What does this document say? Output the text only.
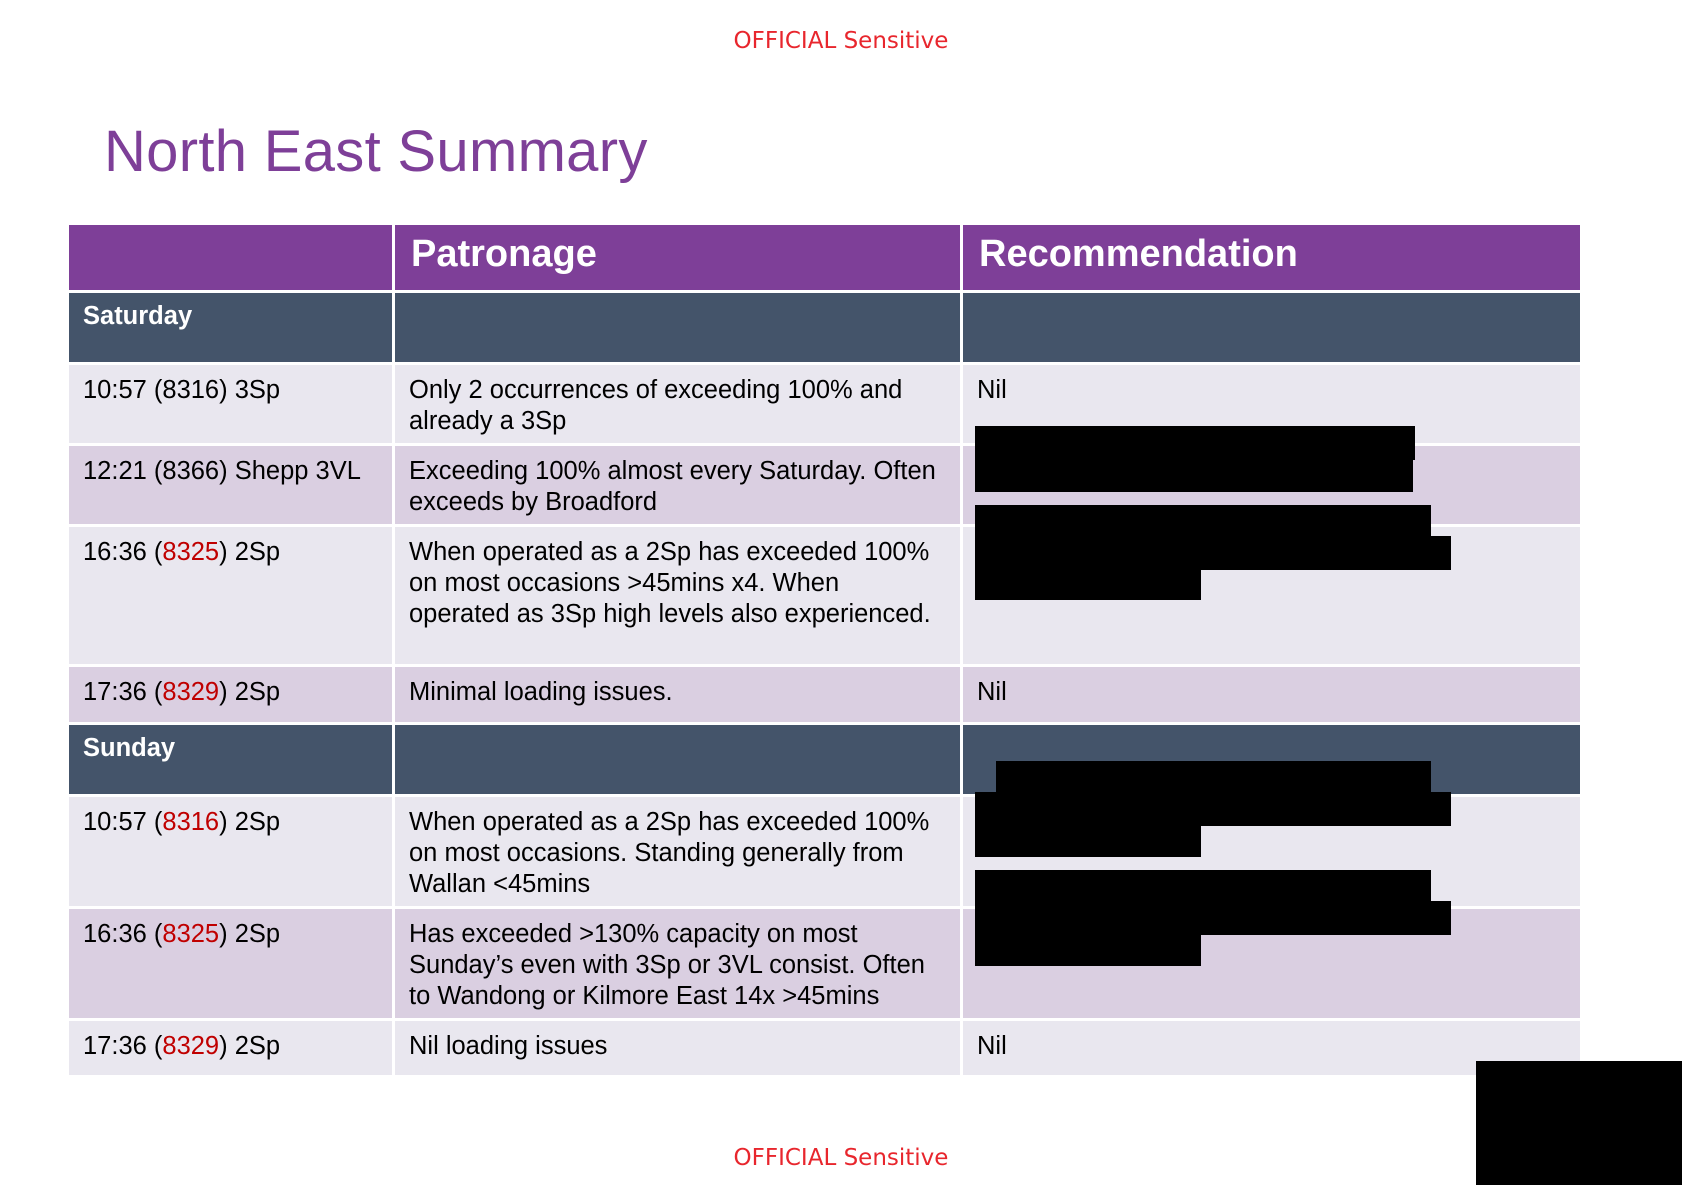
OFFICIAL Sensitive
North East Summary
	Patronage	Recommendation
Saturday		
10:57 (8316) 3Sp	Only 2 occurrences of exceeding 100% and already a 3Sp	Nil
12:21 (8366) Shepp 3VL	Exceeding 100% almost every Saturday. Often exceeds by Broadford	
16:36 (8325) 2Sp	When operated as a 2Sp has exceeded 100% on most occasions >45mins x4. When operated as 3Sp high levels also experienced.	
17:36 (8329) 2Sp	Minimal loading issues.	Nil
Sunday		
10:57 (8316) 2Sp	When operated as a 2Sp has exceeded 100% on most occasions. Standing generally from Wallan <45mins	
16:36 (8325) 2Sp	Has exceeded >130% capacity on most Sunday’s even with 3Sp or 3VL consist. Often to Wandong or Kilmore East 14x >45mins	
17:36 (8329) 2Sp	Nil loading issues	Nil
OFFICIAL Sensitive
